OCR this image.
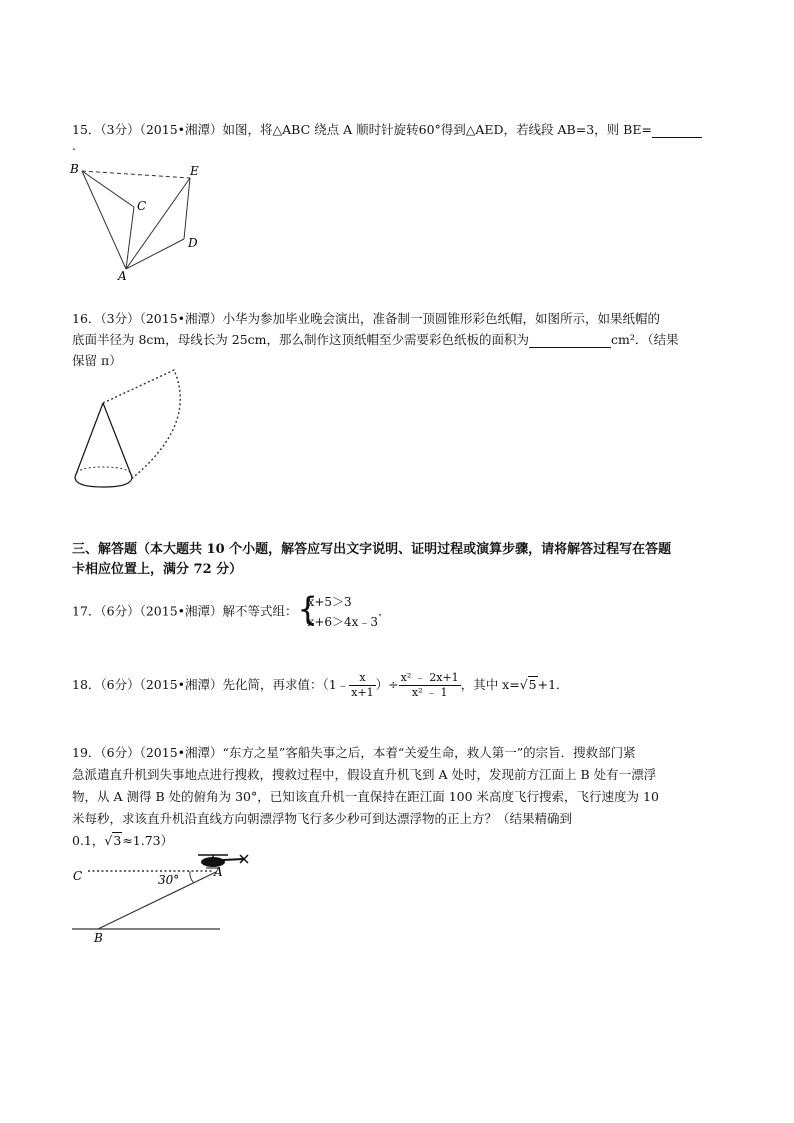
15．（3分）（2015•湘潭）如图，将△ABC 绕点 A 顺时针旋转60°得到△AED，若线段 AB=3，则 BE=
.
B	E
C
D
A
16．（3分）（2015•湘潭）小华为参加毕业晚会演出，准备制一顶圆锥形彩色纸帽，如图所示，如果纸帽的
底面半径为 8cm，母线长为 25cm，那么制作这顶纸帽至少需要彩色纸板的面积为	cm²．（结果
保留 π）
三、解答题（本大题共 10 个小题，解答应写出文字说明、证明过程或演算步骤，请将解答过程写在答题
卡相应位置上，满分 72 分）
17．（6分）（2015•湘潭）解不等式组： {
x+5＞3
x+6＞4x﹣3
．
18．（6分）（2015•湘潭）先化简，再求值：（1﹣ $\frac{x}{x+1}$ ）÷ $\frac{\text{x² ﹣ 2x+1}}{\text{x² ﹣ 1}}$ ，其中 x=√5+1．
19．（6分）（2015•湘潭）“东方之星”客船失事之后，本着“关爱生命，救人第一”的宗旨．搜救部门紧
急派遣直升机到失事地点进行搜救，搜救过程中，假设直升机飞到 A 处时，发现前方江面上 B 处有一漂浮
物，从 A 测得 B 处的俯角为 30°，已知该直升机一直保持在距江面 100 米高度飞行搜索，飞行速度为 10
米每秒，求该直升机沿直线方向朝漂浮物飞行多少秒可到达漂浮物的正上方？（结果精确到
0.1，√3≈1.73）
C	30°
A
B
